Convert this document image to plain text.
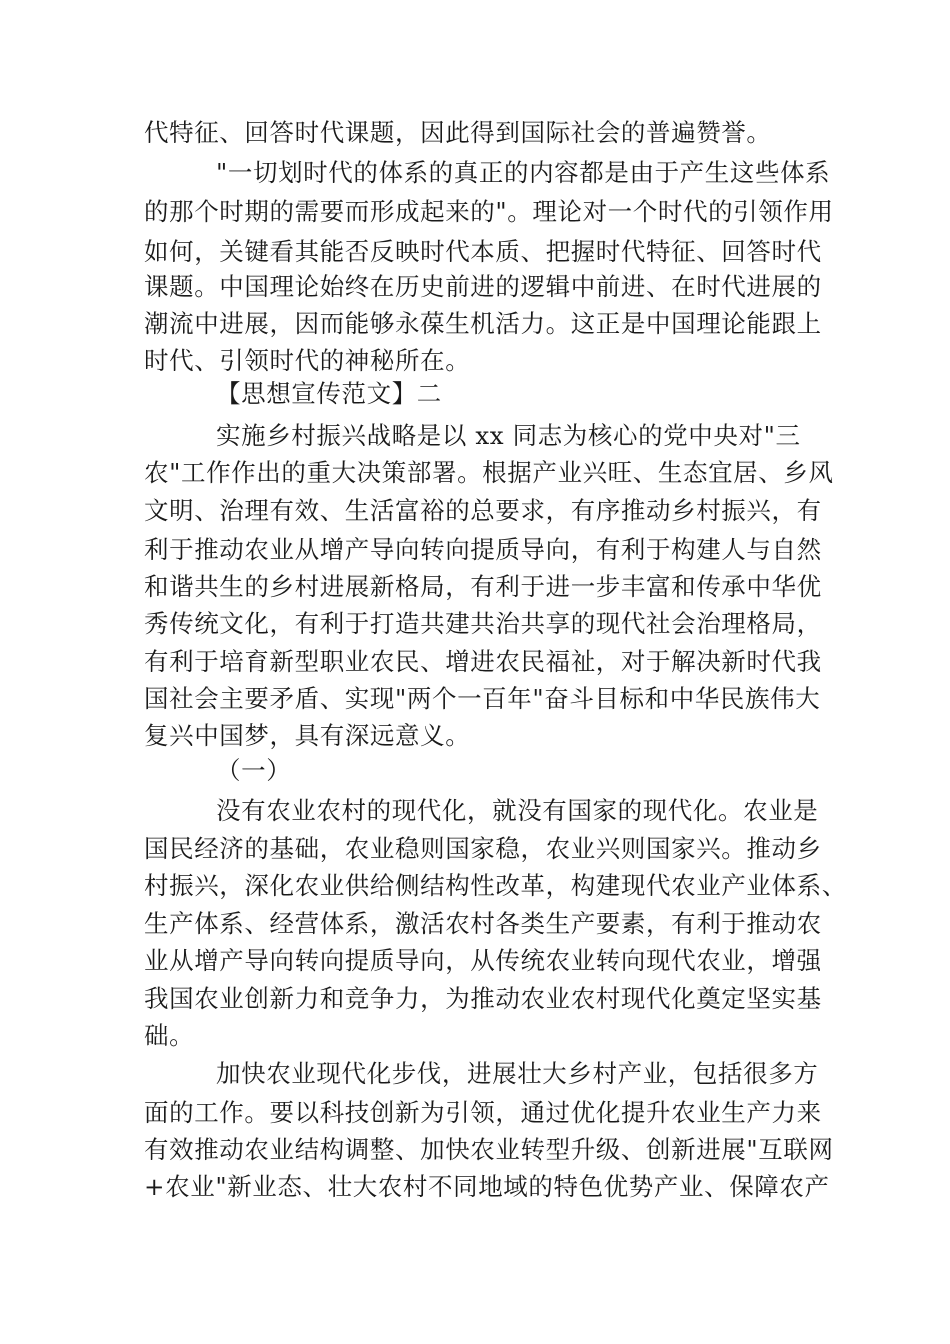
代特征、回答时代课题，因此得到国际社会的普遍赞誉。
"一切划时代的体系的真正的内容都是由于产生这些体系
的那个时期的需要而形成起来的"。理论对一个时代的引领作用
如何，关键看其能否反映时代本质、把握时代特征、回答时代
课题。中国理论始终在历史前进的逻辑中前进、在时代进展的
潮流中进展，因而能够永葆生机活力。这正是中国理论能跟上
时代、引领时代的神秘所在。
【思想宣传范文】二
实施乡村振兴战略是以 xx 同志为核心的党中央对"三
农"工作作出的重大决策部署。根据产业兴旺、生态宜居、乡风
文明、治理有效、生活富裕的总要求，有序推动乡村振兴，有
利于推动农业从增产导向转向提质导向，有利于构建人与自然
和谐共生的乡村进展新格局，有利于进一步丰富和传承中华优
秀传统文化，有利于打造共建共治共享的现代社会治理格局，
有利于培育新型职业农民、增进农民福祉，对于解决新时代我
国社会主要矛盾、实现"两个一百年"奋斗目标和中华民族伟大
复兴中国梦，具有深远意义。
（一）
没有农业农村的现代化，就没有国家的现代化。农业是
国民经济的基础，农业稳则国家稳，农业兴则国家兴。推动乡
村振兴，深化农业供给侧结构性改革，构建现代农业产业体系、
生产体系、经营体系，激活农村各类生产要素，有利于推动农
业从增产导向转向提质导向，从传统农业转向现代农业，增强
我国农业创新力和竞争力，为推动农业农村现代化奠定坚实基
础。
加快农业现代化步伐，进展壮大乡村产业，包括很多方
面的工作。要以科技创新为引领，通过优化提升农业生产力来
有效推动农业结构调整、加快农业转型升级、创新进展"互联网
+农业"新业态、壮大农村不同地域的特色优势产业、保障农产
